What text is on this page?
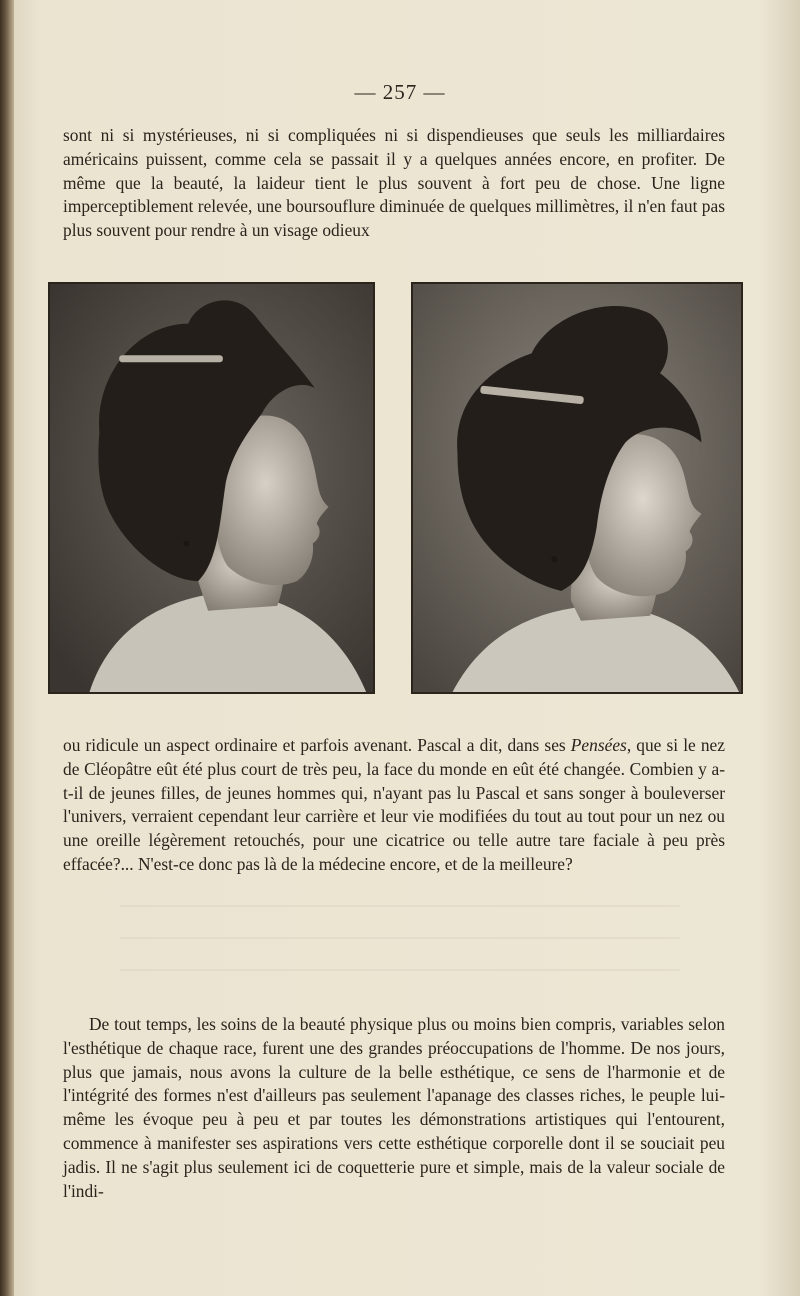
— 257 —

sont ni si mystérieuses, ni si compliquées ni si dispendieuses que seuls les milliardaires américains puissent, comme cela se passait il y a quelques années encore, en profiter. De même que la beauté, la laideur tient le plus souvent à fort peu de chose. Une ligne imperceptiblement relevée, une boursouflure diminuée de quelques millimètres, il n'en faut pas plus souvent pour rendre à un visage odieux

ou ridicule un aspect ordinaire et parfois avenant. Pascal a dit, dans ses Pensées, que si le nez de Cléopâtre eût été plus court de très peu, la face du monde en eût été changée. Combien y a-t-il de jeunes filles, de jeunes hommes qui, n'ayant pas lu Pascal et sans songer à bouleverser l'univers, verraient cependant leur carrière et leur vie modifiées du tout au tout pour un nez ou une oreille légèrement retouchés, pour une cicatrice ou telle autre tare faciale à peu près effacée?... N'est-ce donc pas là de la médecine encore, et de la meilleure?

De tout temps, les soins de la beauté physique plus ou moins bien compris, variables selon l'esthétique de chaque race, furent une des grandes préoccupations de l'homme. De nos jours, plus que jamais, nous avons la culture de la belle esthétique, ce sens de l'harmonie et de l'intégrité des formes n'est d'ailleurs pas seulement l'apanage des classes riches, le peuple lui-même les évoque peu à peu et par toutes les démonstrations artistiques qui l'entourent, commence à manifester ses aspirations vers cette esthétique corporelle dont il se souciait peu jadis. Il ne s'agit plus seulement ici de coquetterie pure et simple, mais de la valeur sociale de l'indi-
